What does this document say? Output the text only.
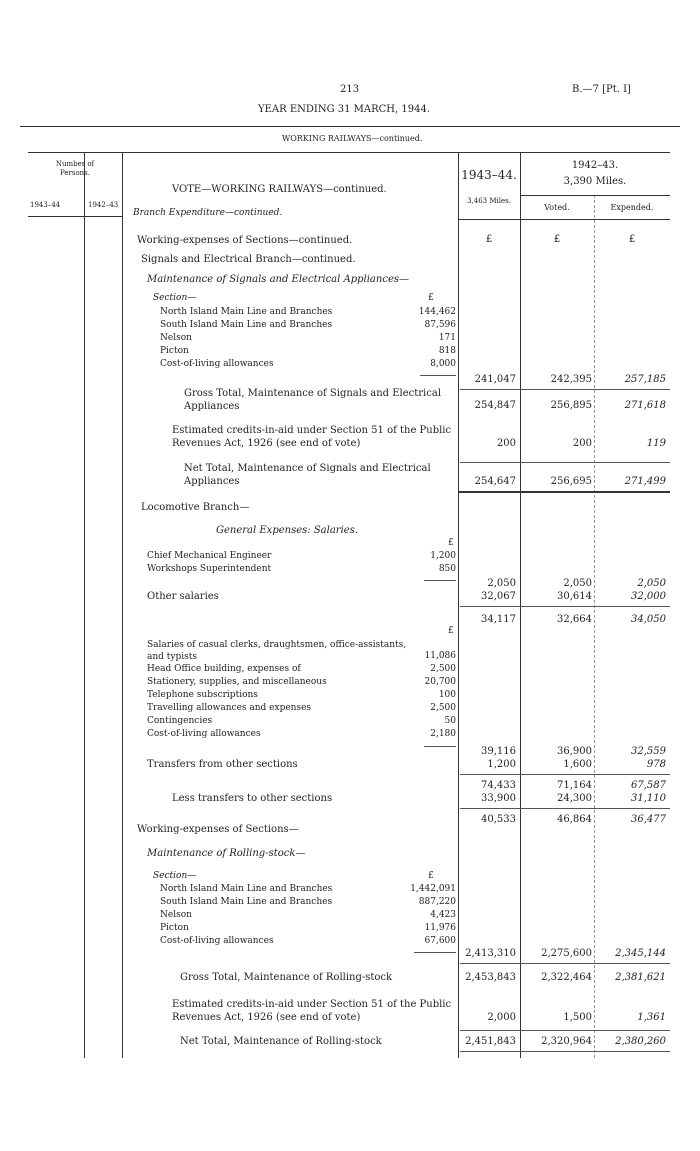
213	B.—7 [Pt. I]
YEAR ENDING 31 MARCH, 1944.
WORKING RAILWAYS—continued.
Number of Persons.
1943–44	1942–43
VOTE—WORKING RAILWAYS—continued.
Branch Expenditure—continued.
1943–44.
3,463 Miles.
1942–43.
3,390 Miles.
Voted.	Expended.
Working-expenses of Sections—continued.	£	£	£
Signals and Electrical Branch—continued.
Maintenance of Signals and Electrical Appliances—
Section—	£
North Island Main Line and Branches	144,462
South Island Main Line and Branches	87,596
Nelson	171
Picton	818
Cost-of-living allowances	8,000
241,047	242,395	257,185
Gross Total, Maintenance of Signals and Electrical Appliances	254,847	256,895	271,618
Estimated credits-in-aid under Section 51 of the Public Revenues Act, 1926 (see end of vote)	200	200	119
Net Total, Maintenance of Signals and Electrical Appliances	254,647	256,695	271,499
Locomotive Branch—
General Expenses: Salaries.
£
Chief Mechanical Engineer	1,200
Workshops Superintendent	850
2,050	2,050	2,050
Other salaries	32,067	30,614	32,000
34,117	32,664	34,050
£
Salaries of casual clerks, draughtsmen, office-assistants, and typists	11,086
Head Office building, expenses of	2,500
Stationery, supplies, and miscellaneous	20,700
Telephone subscriptions	100
Travelling allowances and expenses	2,500
Contingencies	50
Cost-of-living allowances	2,180
39,116	36,900	32,559
Transfers from other sections	1,200	1,600	978
74,433	71,164	67,587
Less transfers to other sections	33,900	24,300	31,110
40,533	46,864	36,477
Working-expenses of Sections—
Maintenance of Rolling-stock—
Section—	£
North Island Main Line and Branches	1,442,091
South Island Main Line and Branches	887,220
Nelson	4,423
Picton	11,976
Cost-of-living allowances	67,600
2,413,310	2,275,600	2,345,144
Gross Total, Maintenance of Rolling-stock	2,453,843	2,322,464	2,381,621
Estimated credits-in-aid under Section 51 of the Public Revenues Act, 1926 (see end of vote)	2,000	1,500	1,361
Net Total, Maintenance of Rolling-stock	2,451,843	2,320,964	2,380,260
